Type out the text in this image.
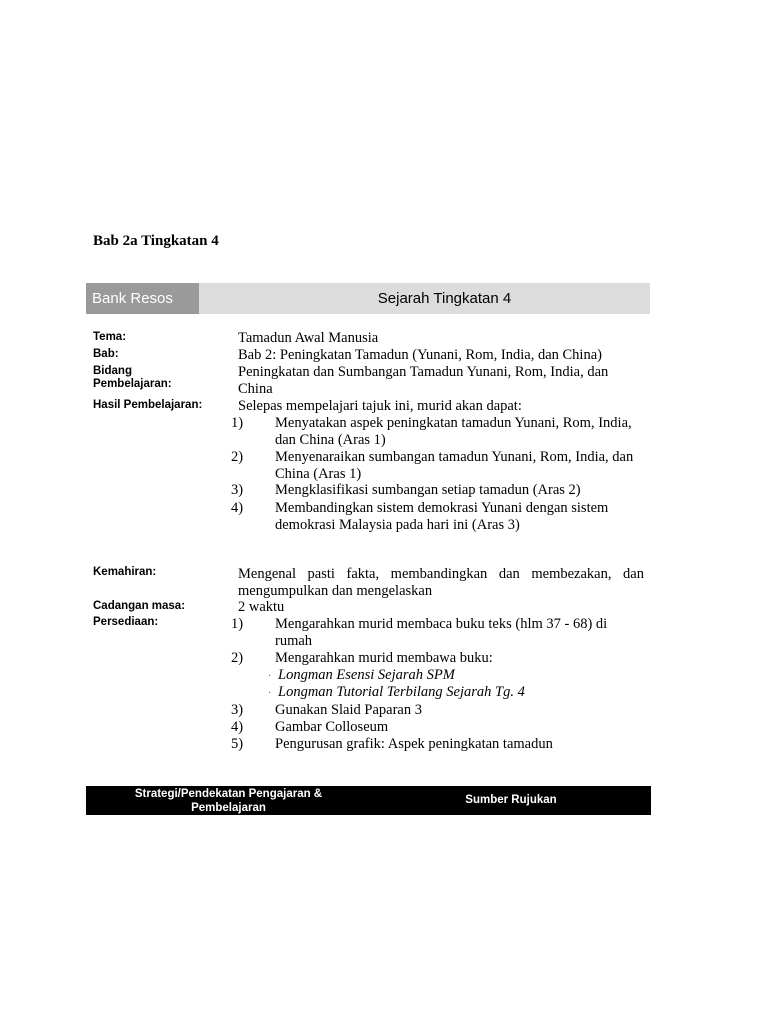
Bab 2a Tingkatan 4
Bank Resos	Sejarah Tingkatan 4
Tema:
Bab:
Bidang
Pembelajaran:
Hasil Pembelajaran:
Kemahiran:
Cadangan masa:
Persediaan:
Tamadun Awal Manusia
Bab 2: Peningkatan Tamadun (Yunani, Rom, India, dan China)
Peningkatan dan Sumbangan Tamadun Yunani, Rom, India, dan China
Selepas mempelajari tajuk ini, murid akan dapat:
1) Menyatakan aspek peningkatan tamadun Yunani, Rom, India, dan China (Aras 1)
2) Menyenaraikan sumbangan tamadun Yunani, Rom, India, dan China (Aras 1)
3) Mengklasifikasi sumbangan setiap tamadun (Aras 2)
4) Membandingkan sistem demokrasi Yunani dengan sistem demokrasi Malaysia pada hari ini (Aras 3)
Mengenal pasti fakta, membandingkan dan membezakan, dan mengumpulkan dan mengelaskan
2 waktu
1) Mengarahkan murid membaca buku teks (hlm 37 - 68) di rumah
2) Mengarahkan murid membawa buku:
· Longman Esensi Sejarah SPM
· Longman Tutorial Terbilang Sejarah Tg. 4
3) Gunakan Slaid Paparan 3
4) Gambar Colloseum
5) Pengurusan grafik: Aspek peningkatan tamadun
Strategi/Pendekatan Pengajaran &
Pembelajaran
Sumber Rujukan
